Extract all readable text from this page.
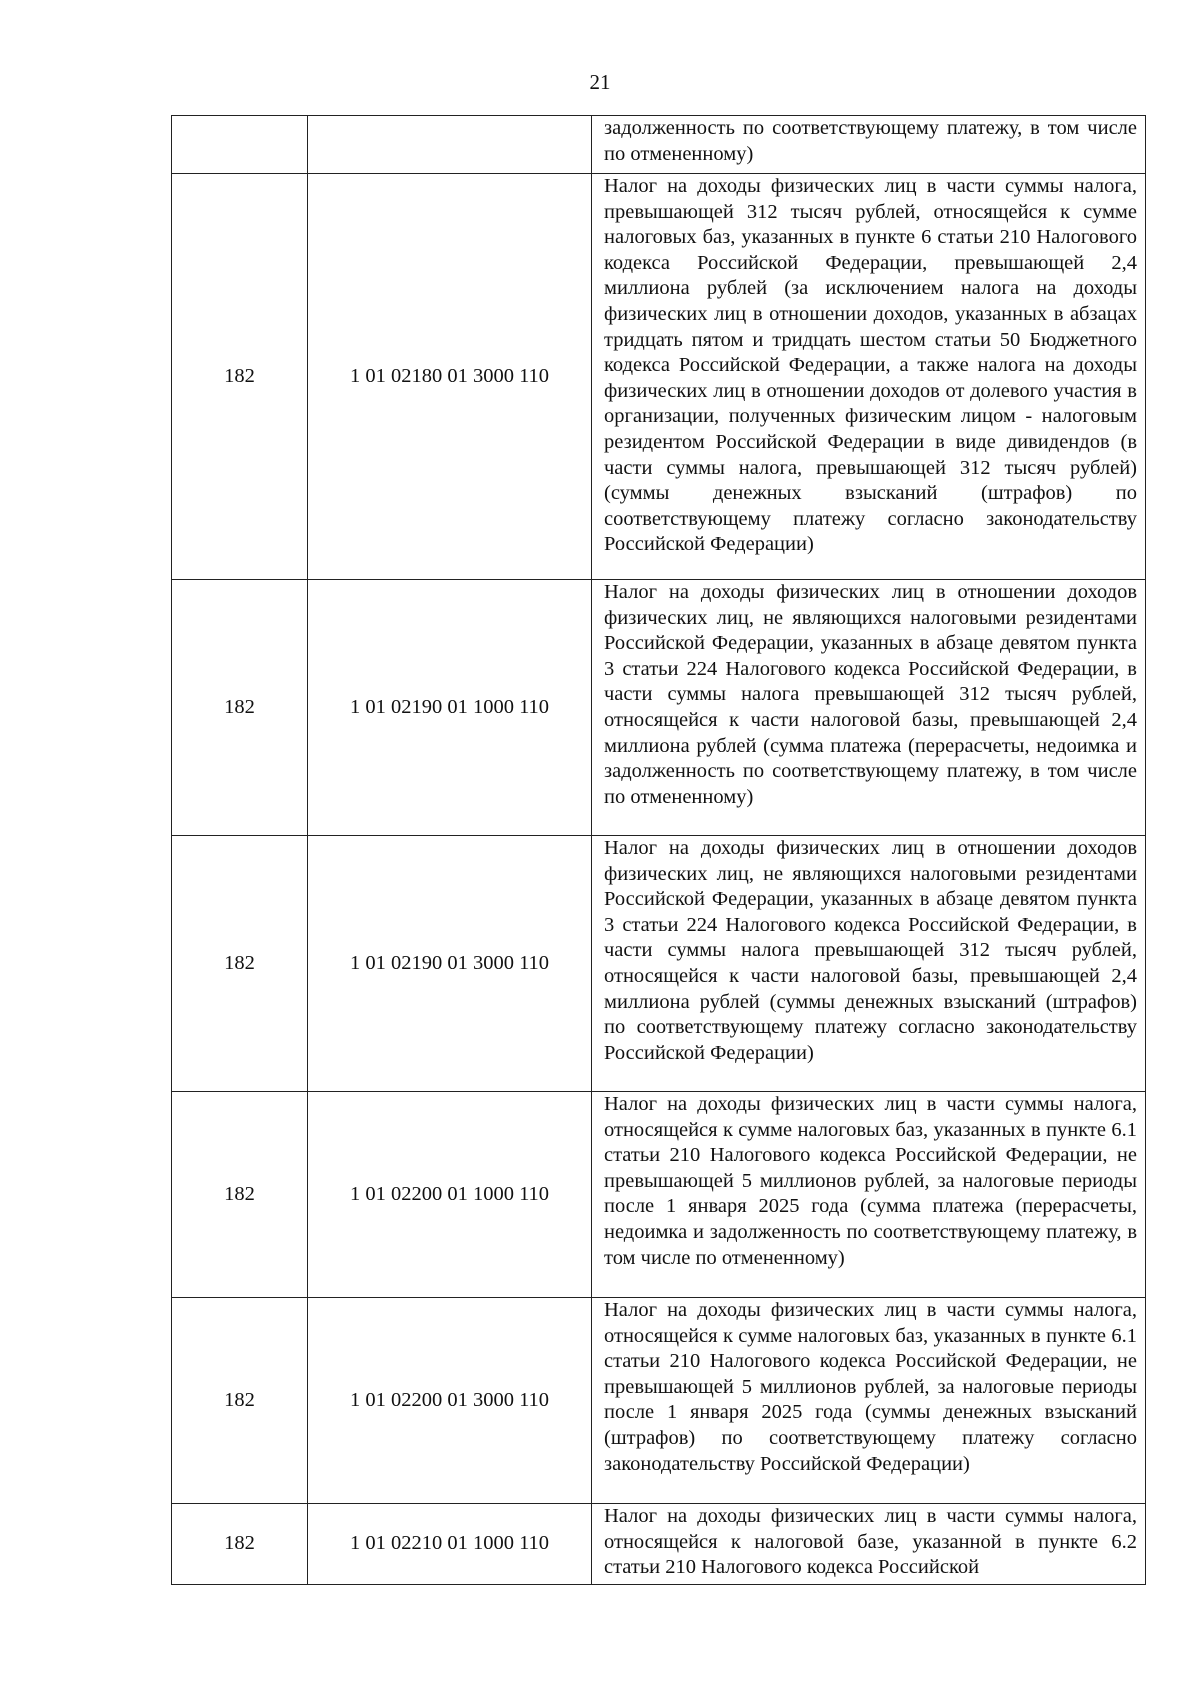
21
		задолженность по соответствующему платежу, в том числе по отмененному)
182	1 01 02180 01 3000 110	Налог на доходы физических лиц в части суммы налога, превышающей 312 тысяч рублей, относящейся к сумме налоговых баз, указанных в пункте 6 статьи 210 Налогового кодекса Российской Федерации, превышающей 2,4 миллиона рублей (за исключением налога на доходы физических лиц в отношении доходов, указанных в абзацах тридцать пятом и тридцать шестом статьи 50 Бюджетного кодекса Российской Федерации, а также налога на доходы физических лиц в отношении доходов от долевого участия в организации, полученных физическим лицом - налоговым резидентом Российской Федерации в виде дивидендов (в части суммы налога, превышающей 312 тысяч рублей) (суммы денежных взысканий (штрафов) по соответствующему платежу согласно законодательству Российской Федерации)
182	1 01 02190 01 1000 110	Налог на доходы физических лиц в отношении доходов физических лиц, не являющихся налоговыми резидентами Российской Федерации, указанных в абзаце девятом пункта 3 статьи 224 Налогового кодекса Российской Федерации, в части суммы налога превышающей 312 тысяч рублей, относящейся к части налоговой базы, превышающей 2,4 миллиона рублей (сумма платежа (перерасчеты, недоимка и задолженность по соответствующему платежу, в том числе по отмененному)
182	1 01 02190 01 3000 110	Налог на доходы физических лиц в отношении доходов физических лиц, не являющихся налоговыми резидентами Российской Федерации, указанных в абзаце девятом пункта 3 статьи 224 Налогового кодекса Российской Федерации, в части суммы налога превышающей 312 тысяч рублей, относящейся к части налоговой базы, превышающей 2,4 миллиона рублей (суммы денежных взысканий (штрафов) по соответствующему платежу согласно законодательству Российской Федерации)
182	1 01 02200 01 1000 110	Налог на доходы физических лиц в части суммы налога, относящейся к сумме налоговых баз, указанных в пункте 6.1 статьи 210 Налогового кодекса Российской Федерации, не превышающей 5 миллионов рублей, за налоговые периоды после 1 января 2025 года (сумма платежа (перерасчеты, недоимка и задолженность по соответствующему платежу, в том числе по отмененному)
182	1 01 02200 01 3000 110	Налог на доходы физических лиц в части суммы налога, относящейся к сумме налоговых баз, указанных в пункте 6.1 статьи 210 Налогового кодекса Российской Федерации, не превышающей 5 миллионов рублей, за налоговые периоды после 1 января 2025 года (суммы денежных взысканий (штрафов) по соответствующему платежу согласно законодательству Российской Федерации)
182	1 01 02210 01 1000 110	Налог на доходы физических лиц в части суммы налога, относящейся к налоговой базе, указанной в пункте 6.2 статьи 210 Налогового кодекса Российской
